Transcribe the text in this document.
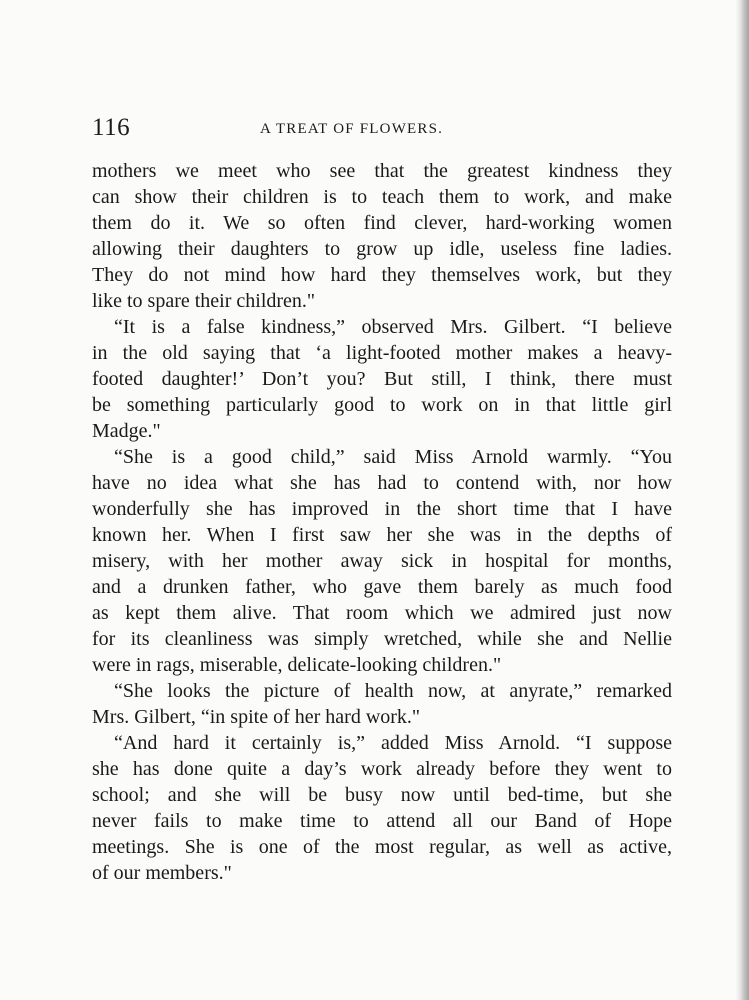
116	A TREAT OF FLOWERS.
mothers we meet who see that the greatest kindness they
can show their children is to teach them to work, and make
them do it. We so often find clever, hard-working women
allowing their daughters to grow up idle, useless fine ladies.
They do not mind how hard they themselves work, but they
like to spare their children."
“It is a false kindness,” observed Mrs. Gilbert. “I believe
in the old saying that ‘a light-footed mother makes a heavy-
footed daughter!’ Don’t you? But still, I think, there must
be something particularly good to work on in that little girl
Madge."
“She is a good child,” said Miss Arnold warmly. “You
have no idea what she has had to contend with, nor how
wonderfully she has improved in the short time that I have
known her. When I first saw her she was in the depths of
misery, with her mother away sick in hospital for months,
and a drunken father, who gave them barely as much food
as kept them alive. That room which we admired just now
for its cleanliness was simply wretched, while she and Nellie
were in rags, miserable, delicate-looking children."
“She looks the picture of health now, at anyrate,” remarked
Mrs. Gilbert, “in spite of her hard work."
“And hard it certainly is,” added Miss Arnold. “I suppose
she has done quite a day’s work already before they went to
school; and she will be busy now until bed-time, but she
never fails to make time to attend all our Band of Hope
meetings. She is one of the most regular, as well as active,
of our members."
